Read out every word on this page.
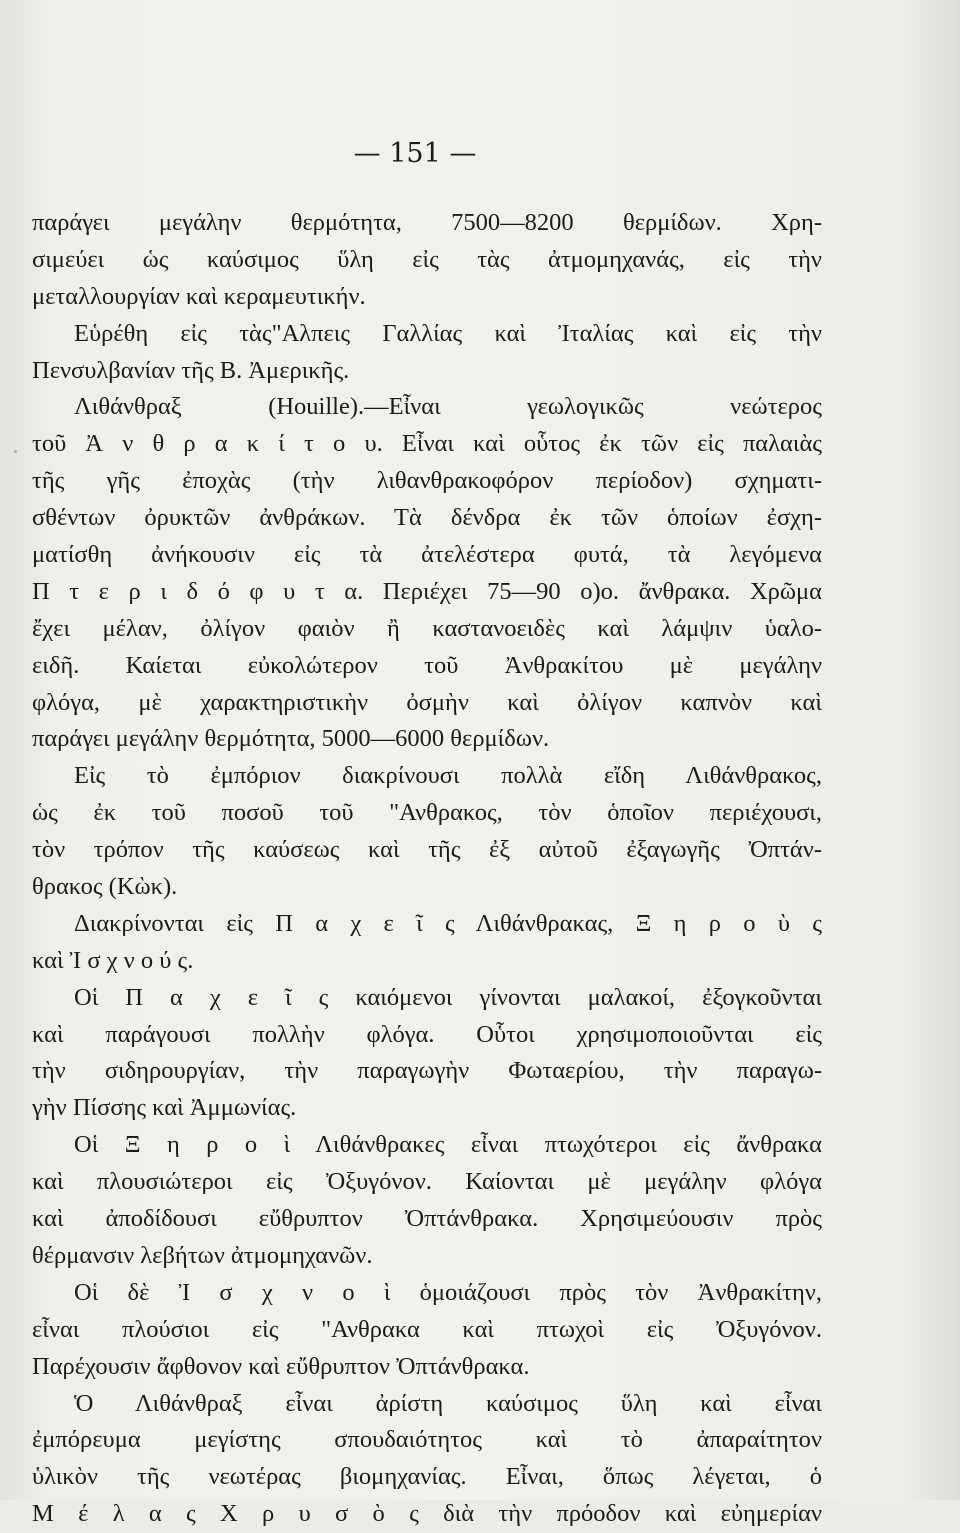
— 151 —
παράγει μεγάλην θερμότητα, 7500—8200 θερμίδων. Χρη-
σιμεύει ὡς καύσιμος ὕλη εἰς τὰς ἀτμομηχανάς, εἰς τὴν
μεταλλουργίαν καὶ κεραμευτικήν.
Εὑρέθη εἰς τὰς"Αλπεις Γαλλίας καὶ Ἰταλίας καὶ εἰς τὴν
Πενσυλβανίαν τῆς Β. Ἀμερικῆς.
Λιθάνθραξ (Houille).—Εἶναι γεωλογικῶς νεώτερος
τοῦ Ἀ ν θ ρ α κ ί τ ο υ. Εἶναι καὶ οὗτος ἐκ τῶν εἰς παλαιὰς
τῆς γῆς ἐποχὰς (τὴν λιθανθρακοφόρον περίοδον) σχηματι-
σθέντων ὀρυκτῶν ἀνθράκων. Τὰ δένδρα ἐκ τῶν ὁποίων ἐσχη-
ματίσθη ἀνήκουσιν εἰς τὰ ἀτελέστερα φυτά, τὰ λεγόμενα
Π τ ε ρ ι δ ό φ υ τ α. Περιέχει 75—90 ο)ο. ἄνθρακα. Χρῶμα
ἔχει μέλαν, ὀλίγον φαιὸν ἢ καστανοειδὲς καὶ λάμψιν ὑαλο-
ειδῆ. Καίεται εὐκολώτερον τοῦ Ἀνθρακίτου μὲ μεγάλην
φλόγα, μὲ χαρακτηριστικὴν ὀσμὴν καὶ ὀλίγον καπνὸν καὶ
παράγει μεγάλην θερμότητα, 5000—6000 θερμίδων.
Εἰς τὸ ἐμπόριον διακρίνουσι πολλὰ εἴδη Λιθάνθρακος,
ὡς ἐκ τοῦ ποσοῦ τοῦ "Ανθρακος, τὸν ὁποῖον περιέχουσι,
τὸν τρόπον τῆς καύσεως καὶ τῆς ἐξ αὐτοῦ ἐξαγωγῆς Ὀπτάν-
θρακος (Κὼκ).
Διακρίνονται εἰς Π α χ ε ῖ ς Λιθάνθρακας, Ξ η ρ ο ὺ ς
καὶ Ἰ σ χ ν ο ύ ς.
Οἱ Π α χ ε ῖ ς καιόμενοι γίνονται μαλακοί, ἐξογκοῦνται
καὶ παράγουσι πολλὴν φλόγα. Οὗτοι χρησιμοποιοῦνται εἰς
τὴν σιδηρουργίαν, τὴν παραγωγὴν Φωταερίου, τὴν παραγω-
γὴν Πίσσης καὶ Ἀμμωνίας.
Οἱ Ξ η ρ ο ὶ Λιθάνθρακες εἶναι πτωχότεροι εἰς ἄνθρακα
καὶ πλουσιώτεροι εἰς Ὀξυγόνον. Καίονται μὲ μεγάλην φλόγα
καὶ ἀποδίδουσι εὔθρυπτον Ὀπτάνθρακα. Χρησιμεύουσιν πρὸς
θέρμανσιν λεβήτων ἀτμομηχανῶν.
Οἱ δὲ Ἰ σ χ ν ο ὶ ὁμοιάζουσι πρὸς τὸν Ἀνθρακίτην,
εἶναι πλούσιοι εἰς "Ανθρακα καὶ πτωχοὶ εἰς Ὀξυγόνον.
Παρέχουσιν ἄφθονον καὶ εὔθρυπτον Ὀπτάνθρακα.
Ὁ Λιθάνθραξ εἶναι ἀρίστη καύσιμος ὕλη καὶ εἶναι
ἐμπόρευμα μεγίστης σπουδαιότητος καὶ τὸ ἀπαραίτητον
ὑλικὸν τῆς νεωτέρας βιομηχανίας. Εἶναι, ὅπως λέγεται, ὁ
Μ έ λ α ς Χ ρ υ σ ὸ ς διὰ τὴν πρόοδον καὶ εὐημερίαν
